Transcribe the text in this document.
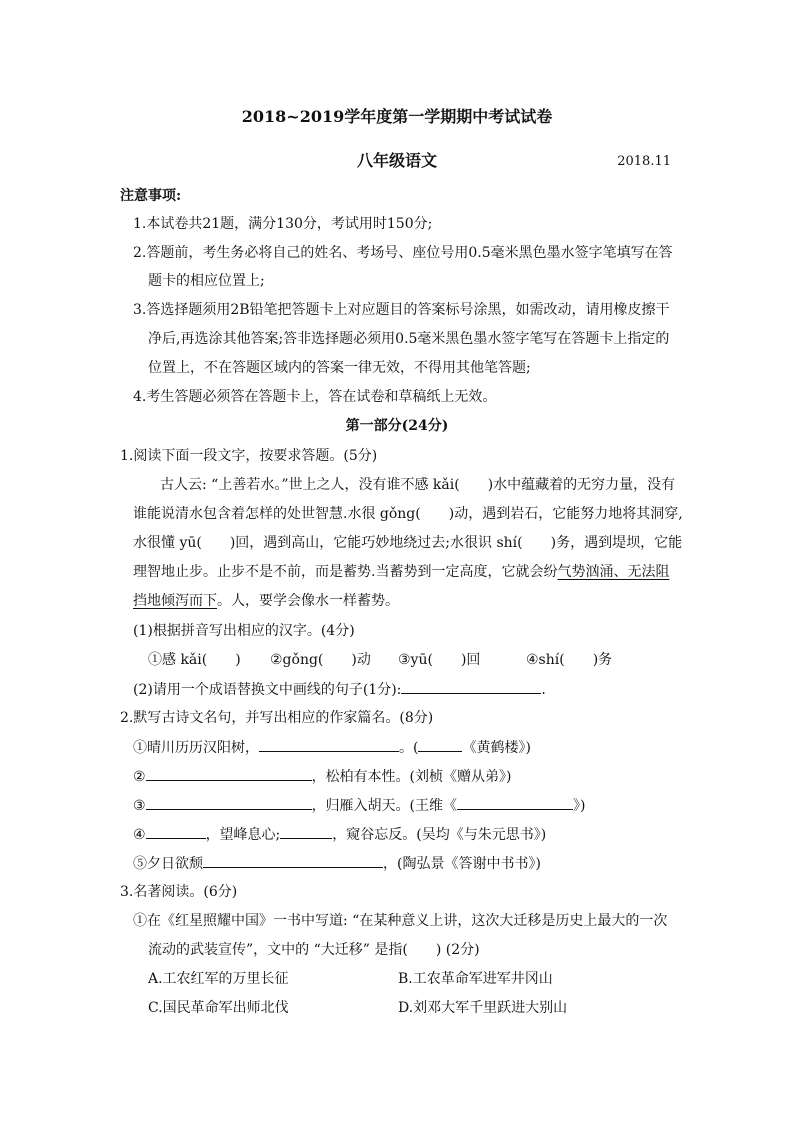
2018~2019学年度第一学期期中考试试卷
八年级语文	2018.11
注意事项:
1.本试卷共21题，满分130分，考试用时150分;
2.答题前，考生务必将自己的姓名、考场号、座位号用0.5毫米黑色墨水签字笔填写在答
题卡的相应位置上;
3.答选择题须用2B铅笔把答题卡上对应题目的答案标号涂黑，如需改动，请用橡皮擦干
净后,再选涂其他答案;答非选择题必须用0.5毫米黑色墨水签字笔写在答题卡上指定的
位置上，不在答题区域内的答案一律无效，不得用其他笔答题;
4.考生答题必须答在答题卡上，答在试卷和草稿纸上无效。
第一部分(24分)
1.阅读下面一段文字，按要求答题。(5分)
古人云: “上善若水。”世上之人，没有谁不感 kǎi(　　)水中蕴藏着的无穷力量，没有
谁能说清水包含着怎样的处世智慧.水很 gǒng(　　)动，遇到岩石，它能努力地将其洞穿,
水很懂 yū(　　)回，遇到高山，它能巧妙地绕过去;水很识 shí(　　)务，遇到堤坝，它能
理智地止步。止步不是不前，而是蓄势.当蓄势到一定高度，它就会纷气势汹涌、无法阻
挡地倾泻而下。人，要学会像水一样蓄势。
(1)根据拼音写出相应的汉字。(4分)
①感 kǎi(　　) ②gǒng(　　)动 ③yū(　　)回	④shí(　　)务
(2)请用一个成语替换文中画线的句子(1分):	.
2.默写古诗文名句，并写出相应的作家篇名。(8分)
①晴川历历汉阳树，	。(	《黄鹤楼》)
②	，松柏有本性。(刘桢《赠从弟》)
③	，归雁入胡天。(王维《	》)
④	，望峰息心;	，窥谷忘反。(吴均《与朱元思书》)
⑤夕日欲颓	，(陶弘景《答谢中书书》)
3.名著阅读。(6分)
①在《红星照耀中国》一书中写道: “在某种意义上讲，这次大迁移是历史上最大的一次
流动的武装宣传”，文中的 “大迁移” 是指(　　) (2分)
A.工农红军的万里长征	B.工农革命军进军井冈山
C.国民革命军出师北伐	D.刘邓大军千里跃进大别山
